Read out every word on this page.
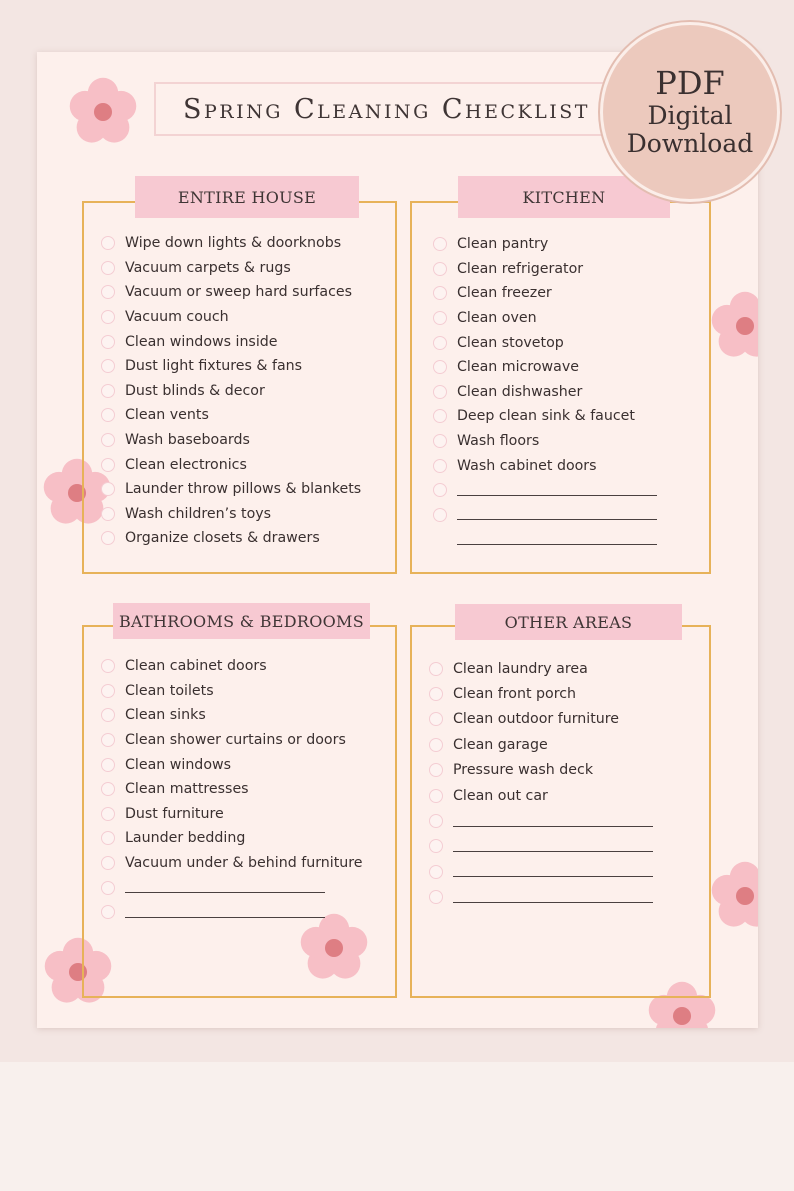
Spring Cleaning Checklist
ENTIRE HOUSE
Wipe down lights & doorknobs
Vacuum carpets & rugs
Vacuum or sweep hard surfaces
Vacuum couch
Clean windows inside
Dust light fixtures & fans
Dust blinds & decor
Clean vents
Wash baseboards
Clean electronics
Launder throw pillows & blankets
Wash children’s toys
Organize closets & drawers
KITCHEN
Clean pantry
Clean refrigerator
Clean freezer
Clean oven
Clean stovetop
Clean microwave
Clean dishwasher
Deep clean sink & faucet
Wash floors
Wash cabinet doors
BATHROOMS & BEDROOMS
Clean cabinet doors
Clean toilets
Clean sinks
Clean shower curtains or doors
Clean windows
Clean mattresses
Dust furniture
Launder bedding
Vacuum under & behind furniture
OTHER AREAS
Clean laundry area
Clean front porch
Clean outdoor furniture
Clean garage
Pressure wash deck
Clean out car
PDF
Digital
Download
